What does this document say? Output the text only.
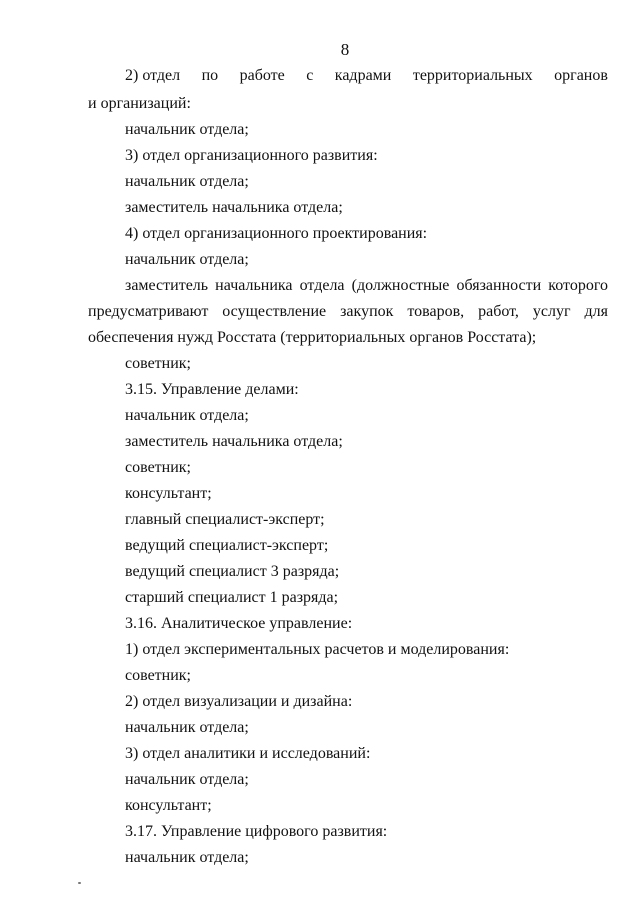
8
2) отдел по работе с кадрами территориальных органов
и организаций:
начальник отдела;
3) отдел организационного развития:
начальник отдела;
заместитель начальника отдела;
4) отдел организационного проектирования:
начальник отдела;
заместитель начальника отдела (должностные обязанности которого
предусматривают осуществление закупок товаров, работ, услуг для
обеспечения нужд Росстата (территориальных органов Росстата);
советник;
3.15. Управление делами:
начальник отдела;
заместитель начальника отдела;
советник;
консультант;
главный специалист-эксперт;
ведущий специалист-эксперт;
ведущий специалист 3 разряда;
старший специалист 1 разряда;
3.16. Аналитическое управление:
1) отдел экспериментальных расчетов и моделирования:
советник;
2) отдел визуализации и дизайна:
начальник отдела;
3) отдел аналитики и исследований:
начальник отдела;
консультант;
3.17. Управление цифрового развития:
начальник отдела;
